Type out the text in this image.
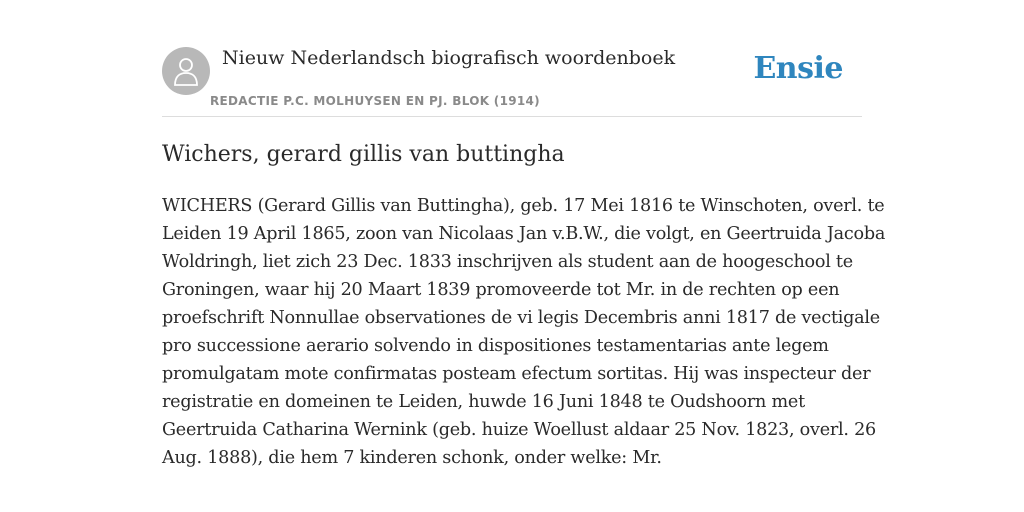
Nieuw Nederlandsch biografisch woordenboek
REDACTIE P.C. MOLHUYSEN EN PJ. BLOK (1914)
Ensie
Wichers, gerard gillis van buttingha

WICHERS (Gerard Gillis van Buttingha), geb. 17 Mei 1816 te Winschoten, overl. te
Leiden 19 April 1865, zoon van Nicolaas Jan v.B.W., die volgt, en Geertruida Jacoba
Woldringh, liet zich 23 Dec. 1833 inschrijven als student aan de hoogeschool te
Groningen, waar hij 20 Maart 1839 promoveerde tot Mr. in de rechten op een
proefschrift Nonnullae observationes de vi legis Decembris anni 1817 de vectigale
pro successione aerario solvendo in dispositiones testamentarias ante legem
promulgatam mote confirmatas posteam efectum sortitas. Hij was inspecteur der
registratie en domeinen te Leiden, huwde 16 Juni 1848 te Oudshoorn met
Geertruida Catharina Wernink (geb. huize Woellust aldaar 25 Nov. 1823, overl. 26
Aug. 1888), die hem 7 kinderen schonk, onder welke: Mr.
